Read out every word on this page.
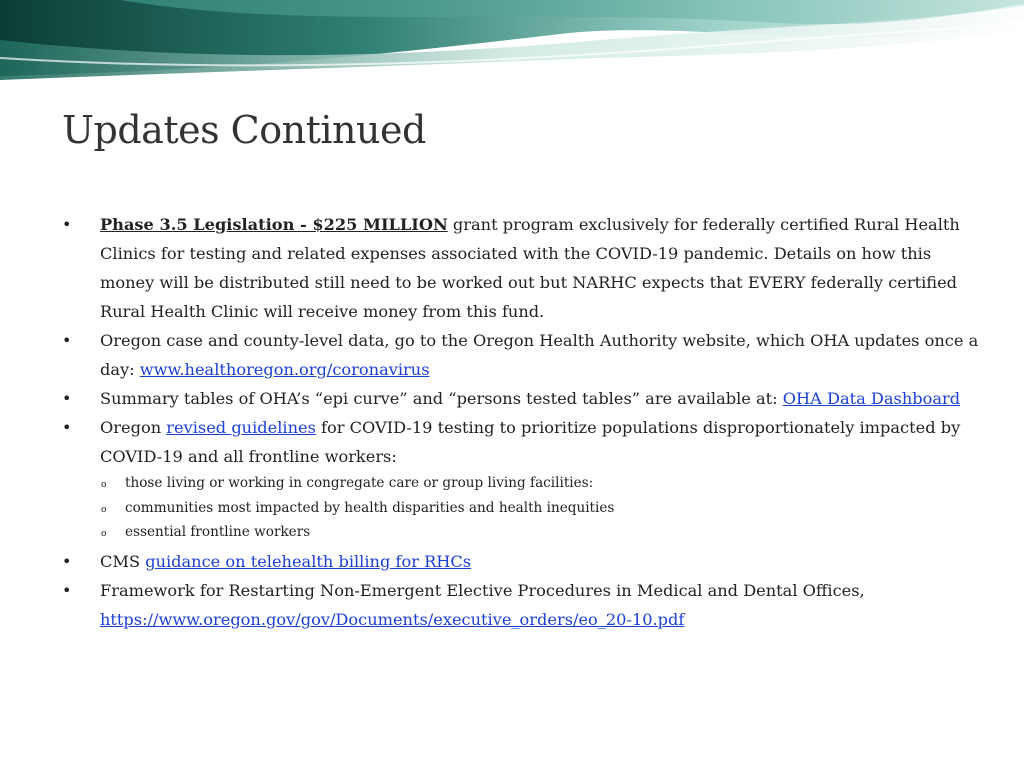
Updates Continued
• Phase 3.5 Legislation - $225 MILLION grant program exclusively for federally certified Rural Health Clinics for testing and related expenses associated with the COVID-19 pandemic. Details on how this money will be distributed still need to be worked out but NARHC expects that EVERY federally certified Rural Health Clinic will receive money from this fund.
• Oregon case and county-level data, go to the Oregon Health Authority website, which OHA updates once a day: www.healthoregon.org/coronavirus
• Summary tables of OHA’s “epi curve” and “persons tested tables” are available at: OHA Data Dashboard
• Oregon revised guidelines for COVID-19 testing to prioritize populations disproportionately impacted by COVID-19 and all frontline workers:
o those living or working in congregate care or group living facilities:
o communities most impacted by health disparities and health inequities
o essential frontline workers
• CMS guidance on telehealth billing for RHCs
• Framework for Restarting Non-Emergent Elective Procedures in Medical and Dental Offices,
https://www.oregon.gov/gov/Documents/executive_orders/eo_20-10.pdf
